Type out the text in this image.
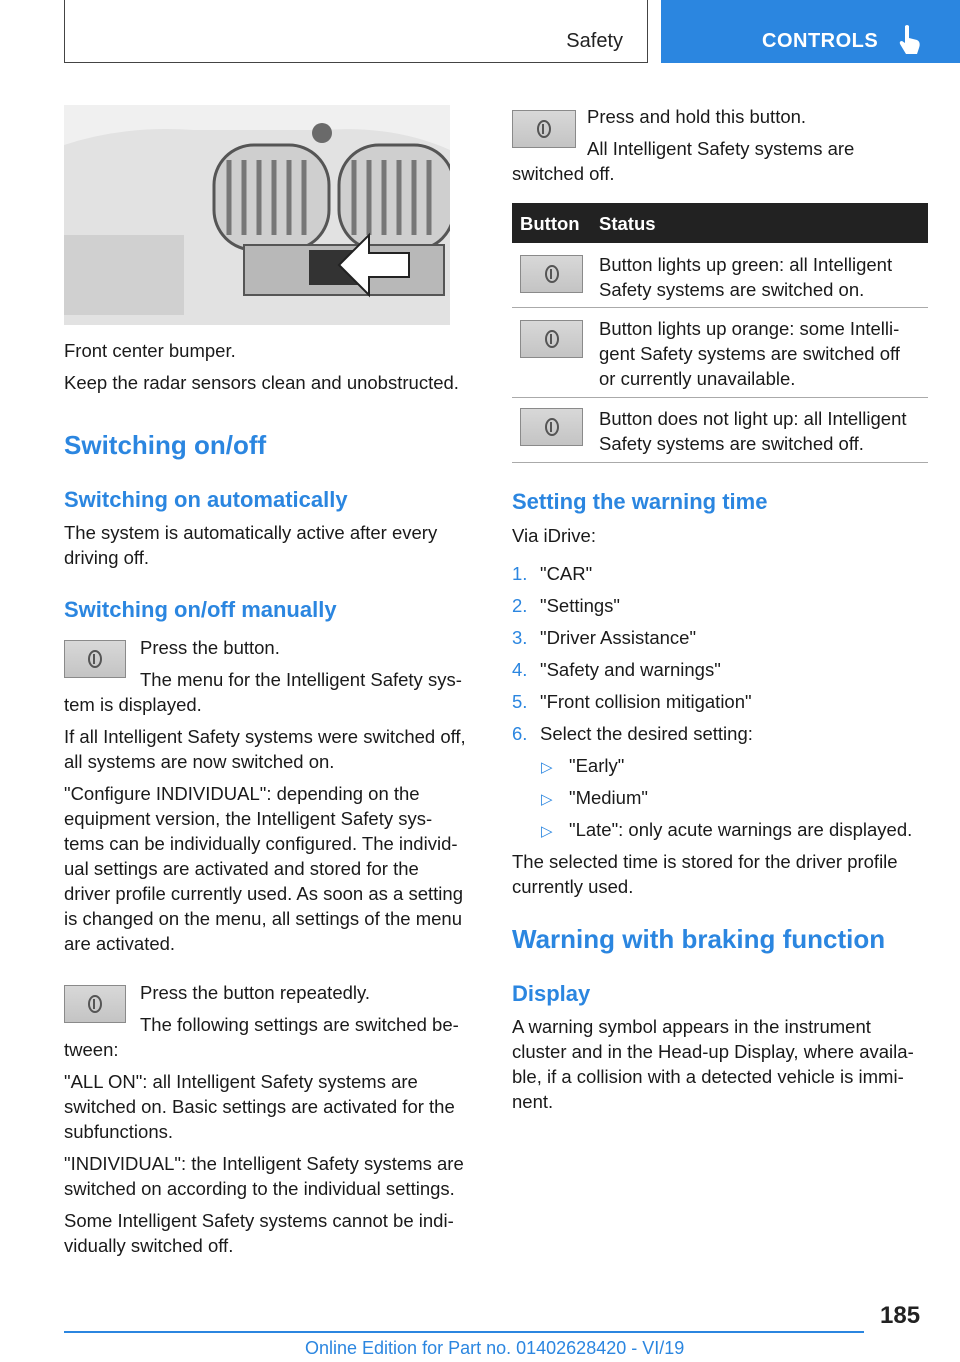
Safety	CONTROLS

Front center bumper.

Keep the radar sensors clean and unobstructed.

Switching on/off
Switching on automatically

The system is automatically active after every

driving off.

Switching on/off manually

Press the button.

The menu for the Intelligent Safety sys-

tem is displayed.

If all Intelligent Safety systems were switched off,

all systems are now switched on.

"Configure INDIVIDUAL": depending on the

equipment version, the Intelligent Safety sys-

tems can be individually configured. The individ-

ual settings are activated and stored for the

driver profile currently used. As soon as a setting

is changed on the menu, all settings of the menu

are activated.

Press the button repeatedly.

The following settings are switched be-

tween:

"ALL ON": all Intelligent Safety systems are

switched on. Basic settings are activated for the

subfunctions.

"INDIVIDUAL": the Intelligent Safety systems are

switched on according to the individual settings.

Some Intelligent Safety systems cannot be indi-

vidually switched off.

Press and hold this button.

All Intelligent Safety systems are

switched off.

Button Status

Button lights up green: all Intelligent

Safety systems are switched on.

Button lights up orange: some Intelli-

gent Safety systems are switched off

or currently unavailable.

Button does not light up: all Intelligent

Safety systems are switched off.

Setting the warning time

Via iDrive:

1. "CAR"
2. "Settings"
3. "Driver Assistance"
4. "Safety and warnings"
5. "Front collision mitigation"
6. Select the desired setting:
▷ "Early"
▷ "Medium"
▷ "Late": only acute warnings are displayed.

The selected time is stored for the driver profile

currently used.

Warning with braking function
Display

A warning symbol appears in the instrument

cluster and in the Head-up Display, where availa-

ble, if a collision with a detected vehicle is immi-

nent.

185
Online Edition for Part no. 01402628420 - VI/19
